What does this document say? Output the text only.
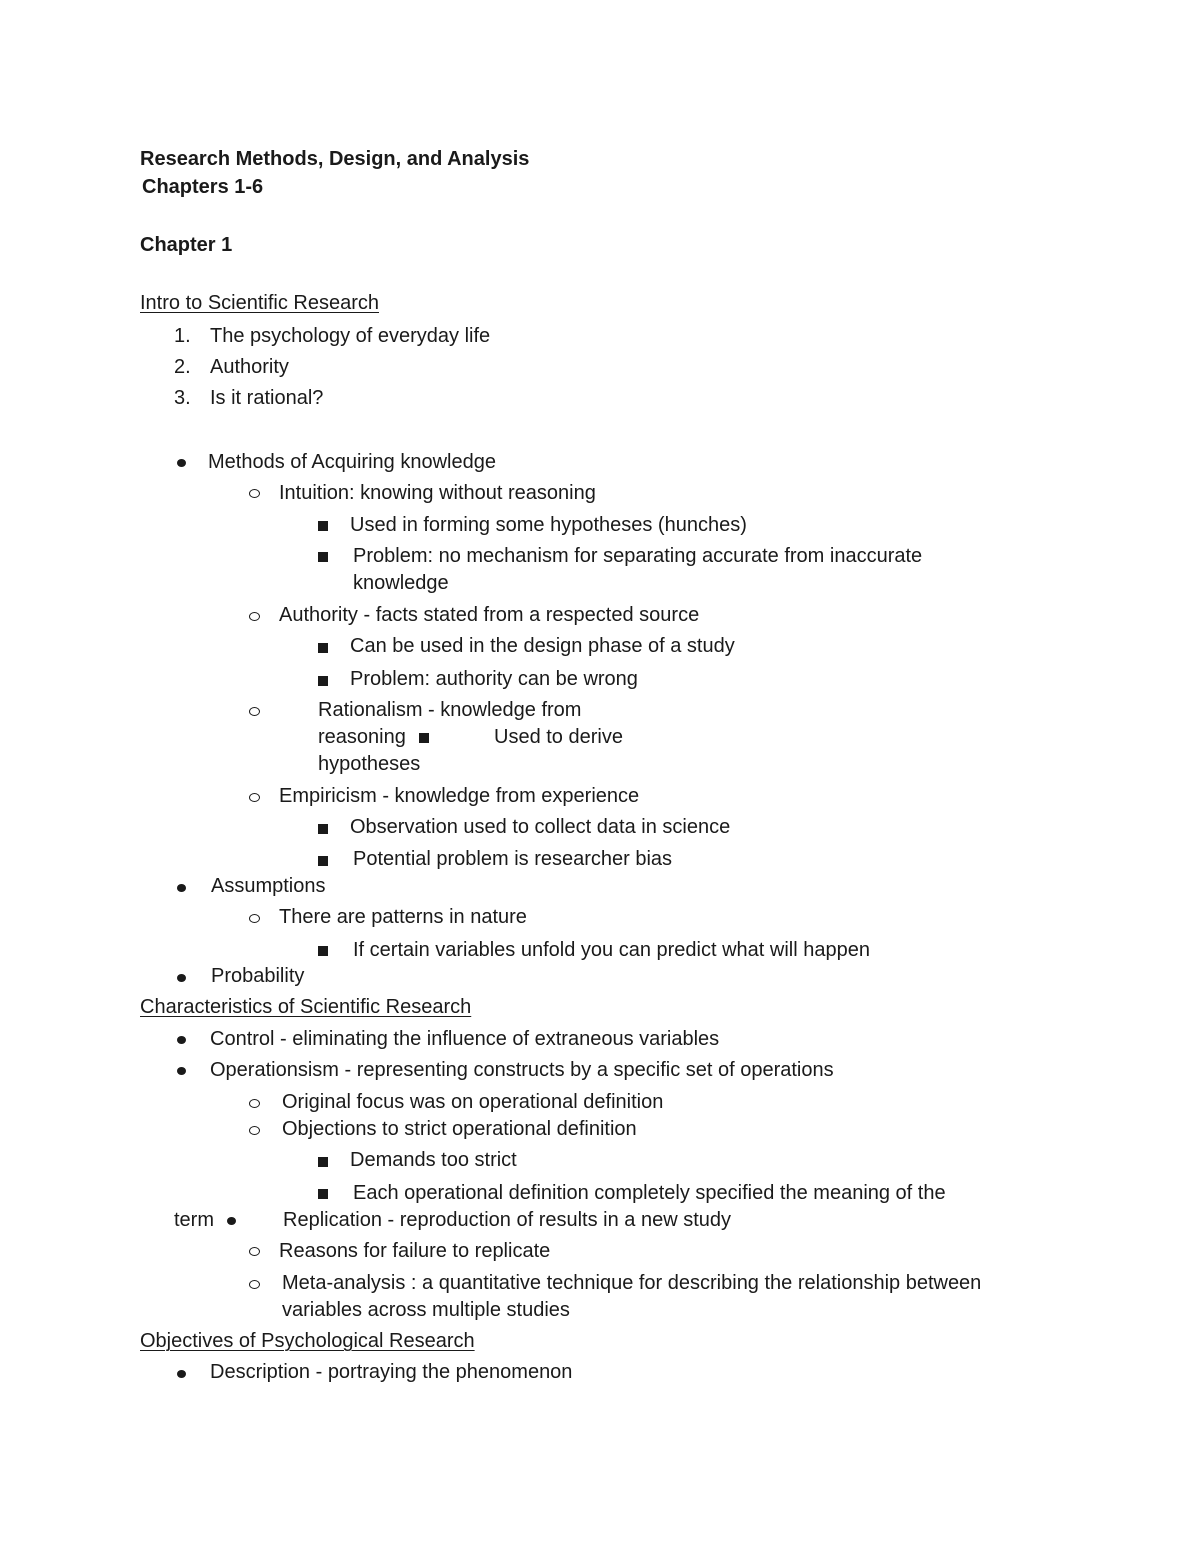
Research Methods, Design, and Analysis

Chapters 1-6

Chapter 1

Intro to Scientific Research

1. The psychology of everyday life

2. Authority

3. Is it rational?

Methods of Acquiring knowledge

Intuition: knowing without reasoning

Used in forming some hypotheses (hunches)

Problem: no mechanism for separating accurate from inaccurate

knowledge

Authority - facts stated from a respected source

Can be used in the design phase of a study

Problem: authority can be wrong

Rationalism - knowledge from

reasoning	Used to derive

hypotheses

Empiricism - knowledge from experience

Observation used to collect data in science

Potential problem is researcher bias

Assumptions

There are patterns in nature

If certain variables unfold you can predict what will happen

Probability

Characteristics of Scientific Research

Control - eliminating the influence of extraneous variables

Operationsism - representing constructs by a specific set of operations

Original focus was on operational definition

Objections to strict operational definition

Demands too strict

Each operational definition completely specified the meaning of the

term	Replication - reproduction of results in a new study

Reasons for failure to replicate

Meta-analysis : a quantitative technique for describing the relationship between

variables across multiple studies

Objectives of Psychological Research

Description - portraying the phenomenon
